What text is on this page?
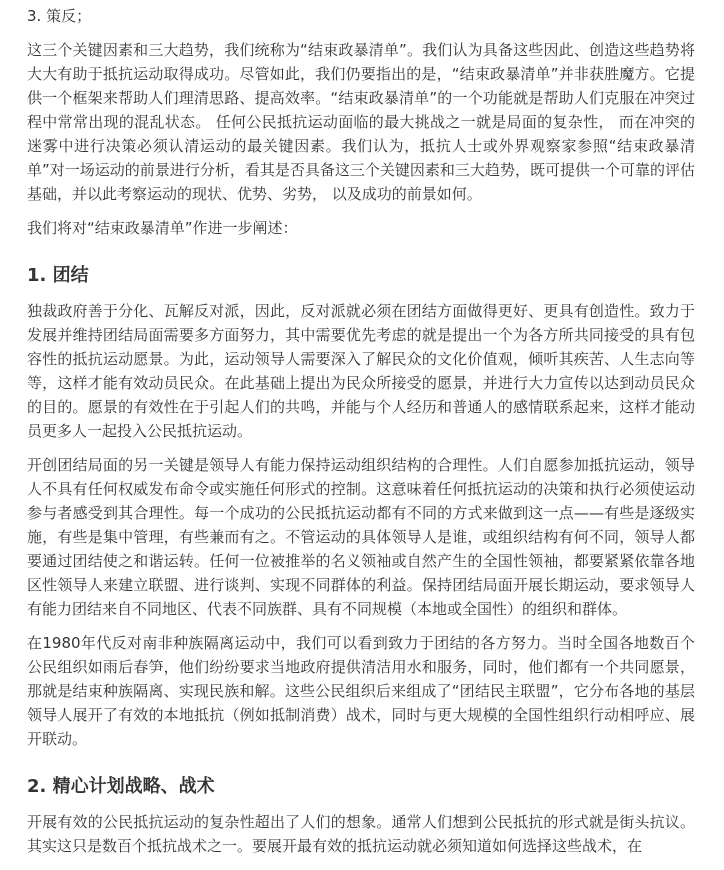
3. 策反；

这三个关键因素和三大趋势，我们统称为“结束政暴清单”。我们认为具备这些因此、创造这些趋势将大大有助于抵抗运动取得成功。尽管如此，我们仍要指出的是，“结束政暴清单”并非获胜魔方。它提供一个框架来帮助人们理清思路、提高效率。“结束政暴清单”的一个功能就是帮助人们克服在冲突过程中常常出现的混乱状态。 任何公民抵抗运动面临的最大挑战之一就是局面的复杂性， 而在冲突的迷雾中进行决策必须认清运动的最关键因素。我们认为，抵抗人士或外界观察家参照“结束政暴清单”对一场运动的前景进行分析，看其是否具备这三个关键因素和三大趋势，既可提供一个可靠的评估基础，并以此考察运动的现状、优势、劣势， 以及成功的前景如何。

我们将对“结束政暴清单”作进一步阐述：

1. 团结

独裁政府善于分化、瓦解反对派，因此，反对派就必须在团结方面做得更好、更具有创造性。致力于发展并维持团结局面需要多方面努力，其中需要优先考虑的就是提出一个为各方所共同接受的具有包容性的抵抗运动愿景。为此，运动领导人需要深入了解民众的文化价值观，倾听其疾苦、人生志向等等，这样才能有效动员民众。在此基础上提出为民众所接受的愿景，并进行大力宣传以达到动员民众的目的。愿景的有效性在于引起人们的共鸣，并能与个人经历和普通人的感情联系起来，这样才能动员更多人一起投入公民抵抗运动。

开创团结局面的另一关键是领导人有能力保持运动组织结构的合理性。人们自愿参加抵抗运动，领导人不具有任何权威发布命令或实施任何形式的控制。这意味着任何抵抗运动的决策和执行必须使运动参与者感受到其合理性。每一个成功的公民抵抗运动都有不同的方式来做到这一点——有些是逐级实施，有些是集中管理，有些兼而有之。不管运动的具体领导人是谁，或组织结构有何不同，领导人都要通过团结使之和谐运转。任何一位被推举的名义领袖或自然产生的全国性领袖，都要紧紧依靠各地区性领导人来建立联盟、进行谈判、实现不同群体的利益。保持团结局面开展长期运动，要求领导人有能力团结来自不同地区、代表不同族群、具有不同规模（本地或全国性）的组织和群体。

在1980年代反对南非种族隔离运动中，我们可以看到致力于团结的各方努力。当时全国各地数百个公民组织如雨后春笋，他们纷纷要求当地政府提供清洁用水和服务，同时，他们都有一个共同愿景，那就是结束种族隔离、实现民族和解。这些公民组织后来组成了“团结民主联盟”，它分布各地的基层领导人展开了有效的本地抵抗（例如抵制消费）战术，同时与更大规模的全国性组织行动相呼应、展开联动。

2. 精心计划战略、战术

开展有效的公民抵抗运动的复杂性超出了人们的想象。通常人们想到公民抵抗的形式就是街头抗议。其实这只是数百个抵抗战术之一。要展开最有效的抵抗运动就必须知道如何选择这些战术，在
